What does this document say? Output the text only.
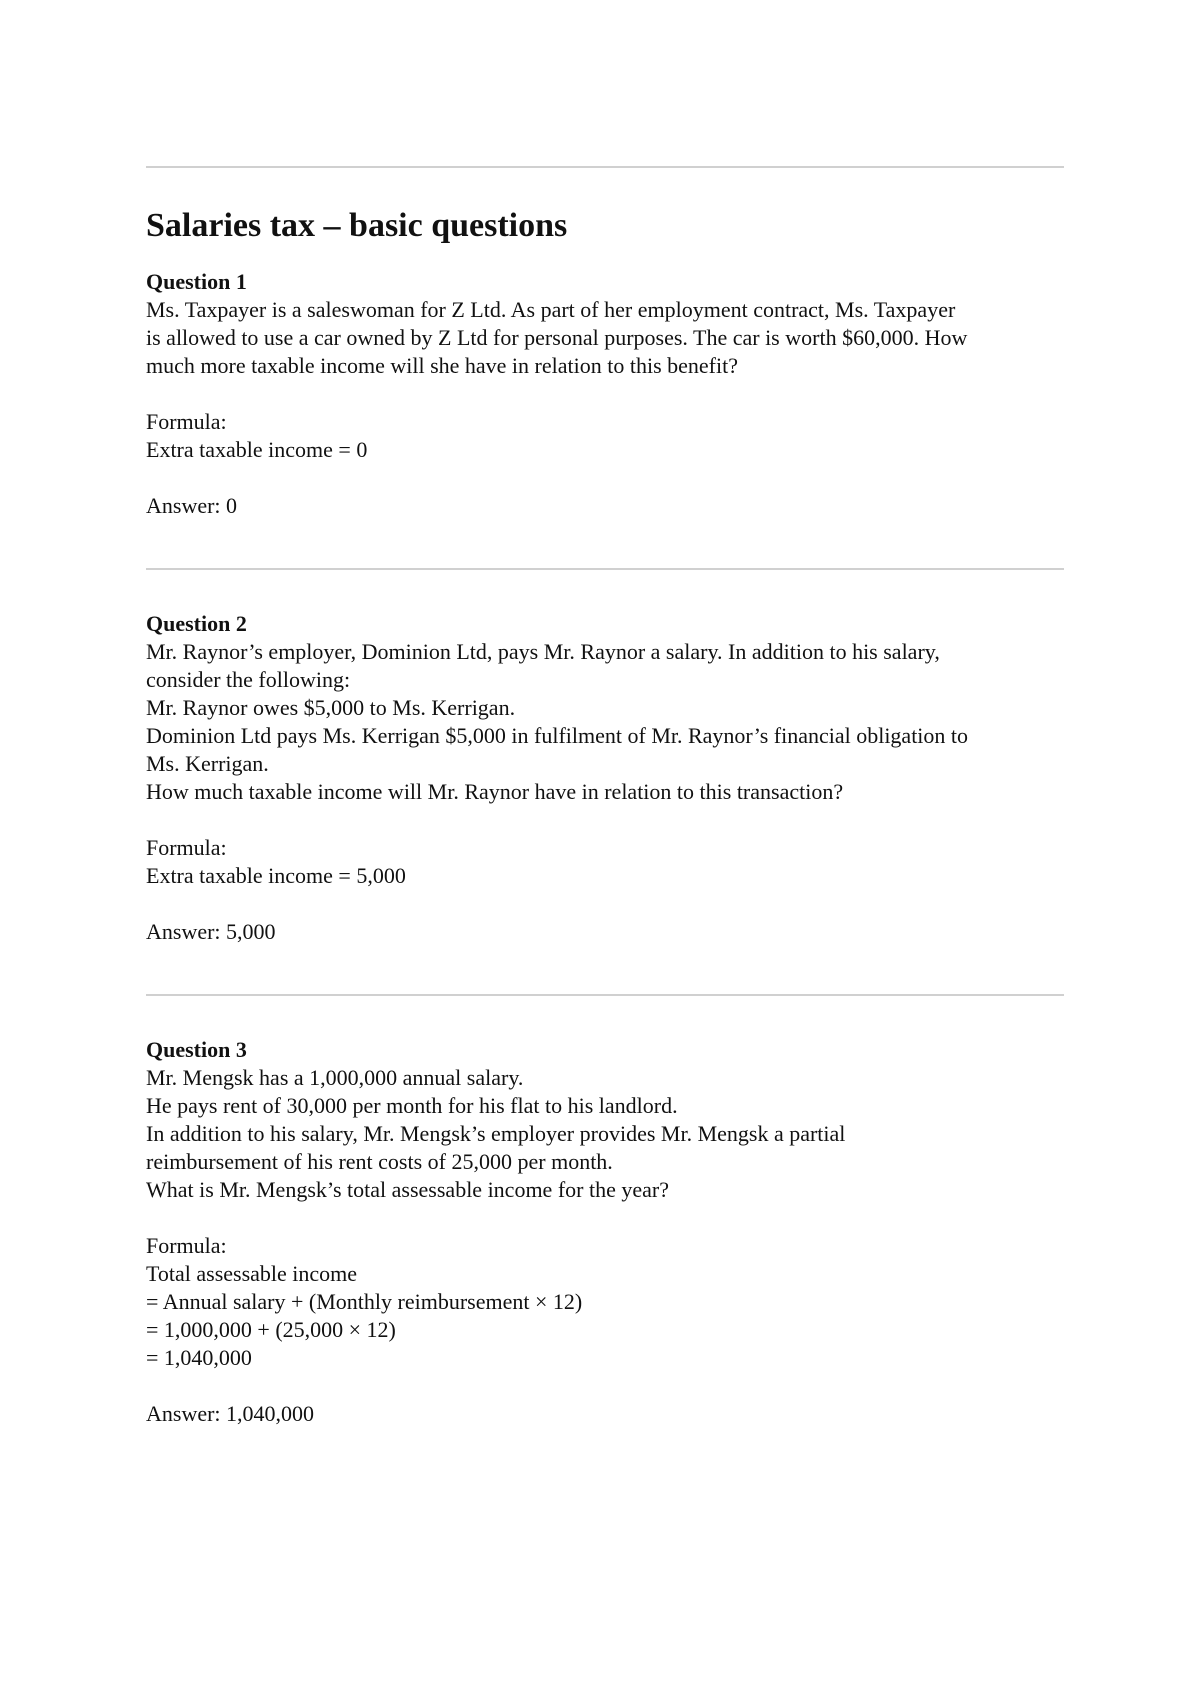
Salaries tax – basic questions
Question 1
Ms. Taxpayer is a saleswoman for Z Ltd. As part of her employment contract, Ms. Taxpayer
is allowed to use a car owned by Z Ltd for personal purposes. The car is worth $60,000. How
much more taxable income will she have in relation to this benefit?
Formula:
Extra taxable income = 0
Answer: 0
Question 2
Mr. Raynor’s employer, Dominion Ltd, pays Mr. Raynor a salary. In addition to his salary,
consider the following:
Mr. Raynor owes $5,000 to Ms. Kerrigan.
Dominion Ltd pays Ms. Kerrigan $5,000 in fulfilment of Mr. Raynor’s financial obligation to
Ms. Kerrigan.
How much taxable income will Mr. Raynor have in relation to this transaction?
Formula:
Extra taxable income = 5,000
Answer: 5,000
Question 3
Mr. Mengsk has a 1,000,000 annual salary.
He pays rent of 30,000 per month for his flat to his landlord.
In addition to his salary, Mr. Mengsk’s employer provides Mr. Mengsk a partial
reimbursement of his rent costs of 25,000 per month.
What is Mr. Mengsk’s total assessable income for the year?
Formula:
Total assessable income
= Annual salary + (Monthly reimbursement × 12)
= 1,000,000 + (25,000 × 12)
= 1,040,000
Answer: 1,040,000
